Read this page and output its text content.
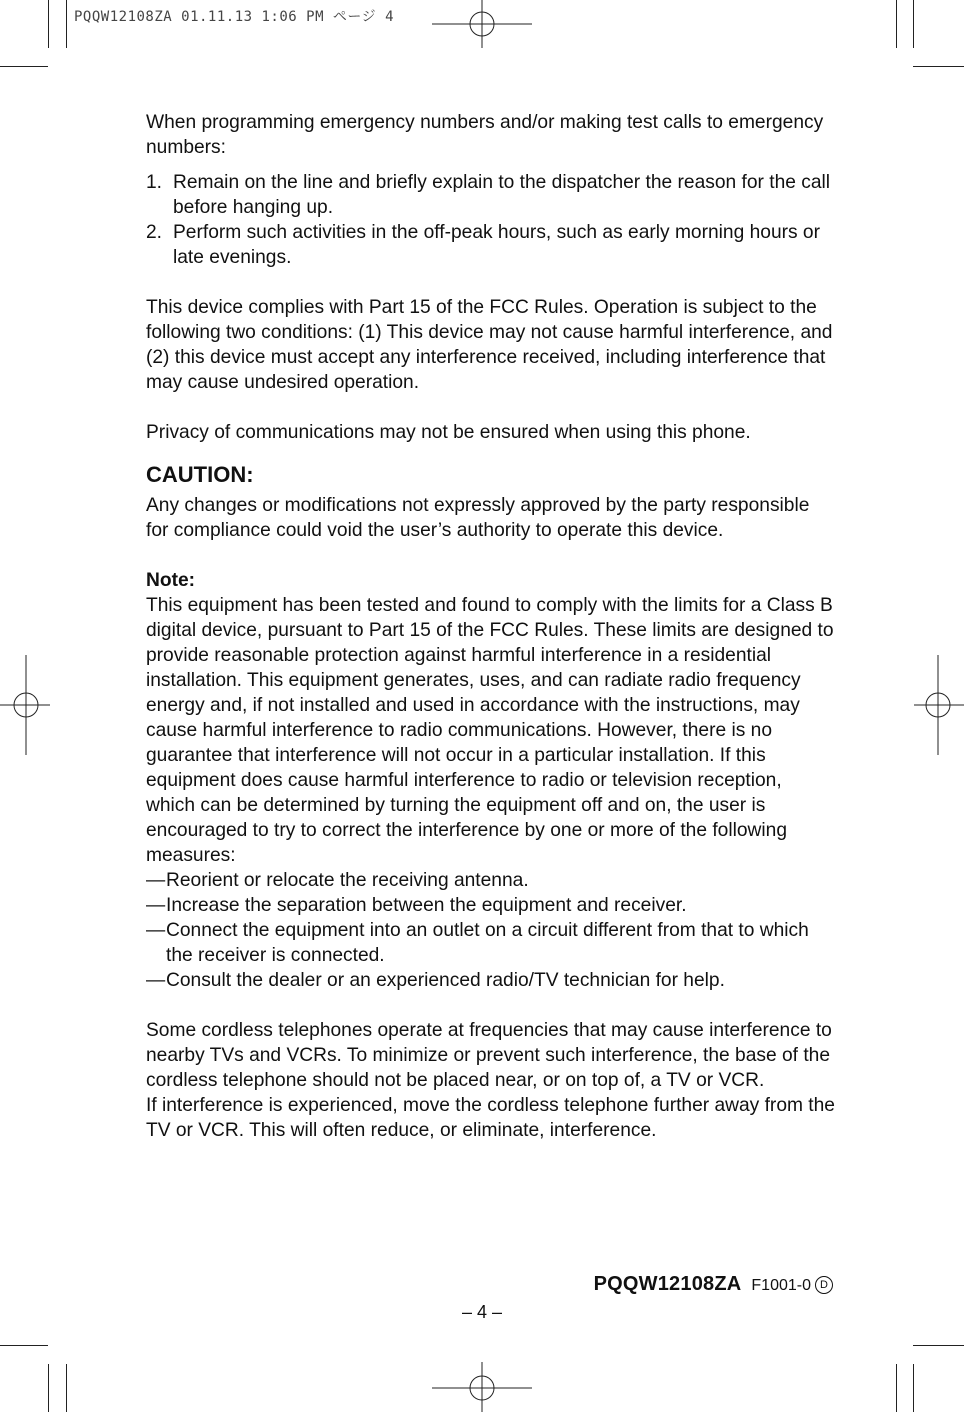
PQQW12108ZA 01.11.13 1:06 PM ページ 4

When programming emergency numbers and/or making test calls to emergency numbers:

1. Remain on the line and briefly explain to the dispatcher the reason for the call before hanging up.
2. Perform such activities in the off-peak hours, such as early morning hours or late evenings.

This device complies with Part 15 of the FCC Rules. Operation is subject to the following two conditions: (1) This device may not cause harmful interference, and (2) this device must accept any interference received, including interference that may cause undesired operation.

Privacy of communications may not be ensured when using this phone.

CAUTION:

Any changes or modifications not expressly approved by the party responsible for compliance could void the user’s authority to operate this device.

Note:

This equipment has been tested and found to comply with the limits for a Class B digital device, pursuant to Part 15 of the FCC Rules. These limits are designed to provide reasonable protection against harmful interference in a residential installation. This equipment generates, uses, and can radiate radio frequency energy and, if not installed and used in accordance with the instructions, may cause harmful interference to radio communications. However, there is no guarantee that interference will not occur in a particular installation. If this equipment does cause harmful interference to radio or television reception, which can be determined by turning the equipment off and on, the user is encouraged to try to correct the interference by one or more of the following measures:

— Reorient or relocate the receiving antenna.
— Increase the separation between the equipment and receiver.
— Connect the equipment into an outlet on a circuit different from that to which the receiver is connected.
— Consult the dealer or an experienced radio/TV technician for help.

Some cordless telephones operate at frequencies that may cause interference to nearby TVs and VCRs. To minimize or prevent such interference, the base of the cordless telephone should not be placed near, or on top of, a TV or VCR.

If interference is experienced, move the cordless telephone further away from the TV or VCR. This will often reduce, or eliminate, interference.

PQQW12108ZA F1001-0 D
– 4 –
